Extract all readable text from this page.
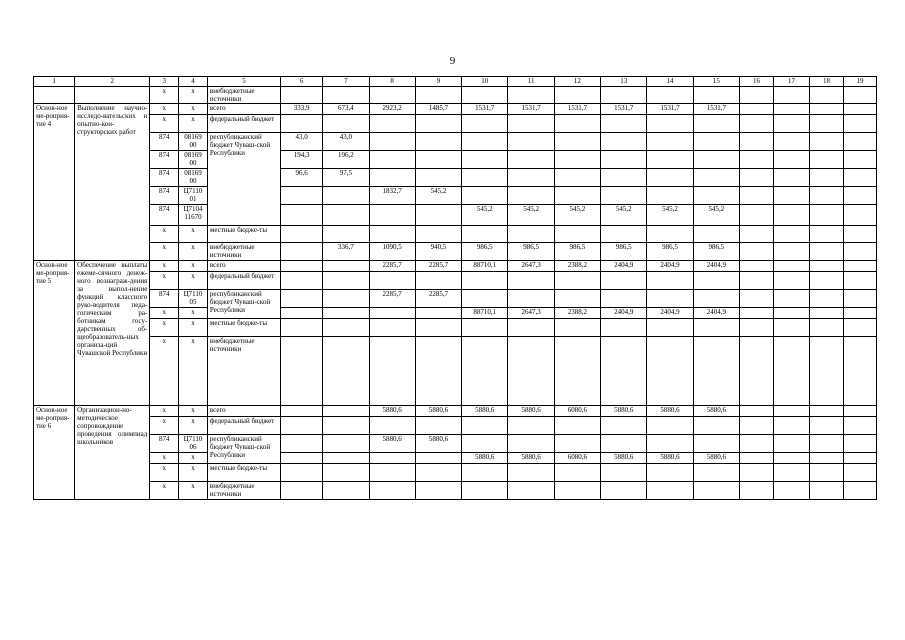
9
1	2	3	4	5	6	7	8	9	10	11	12	13	14	15	16	17	18	19
		x	x	внебюджетные источники														
Основ-ное ме-роприя-тие 4	Выполнение научно-исследо-вательских и опытно-кон-структорских работ	x	x	всего	333,9	673,4	2923,2	1485,7	1531,7	1531,7	1531,7	1531,7	1531,7	1531,7				
		x	x	федеральный бюджет														
		874	08169 00	республиканский бюджет Чуваш-ской Республики	43,0	43,0												
		874	08169 00		194,3	196,2												
		874	08169 00		96,6	97,5												
		874	Ц7110 01				1832,7	545,2										
		874	Ц7104 11670						545,2	545,2	545,2	545,2	545,2	545,2				
		x	x	местные бюдже-ты														
		x	x	внебюджетные источники		336,7	1090,5	940,5	986,5	986,5	986,5	986,5	986,5	986,5				
Основ-ное ме-роприя-тие 5	Обеспечение выплаты ежеме-сячного денеж-ного вознаграж-дения за выпол-нение функций классного руко-водителя педа-гогическим ра-ботникам госу-дарственных об-щеобразователь-ных организа-ций Чувашской Республики	x	x	всего			2285,7	2285,7	88710,1	2647,3	2388,2	2404,9	2404,9	2404,9				
		x	x	федеральный бюджет														
		874	Ц7110 05	республиканский бюджет Чуваш-ской Республики			2285,7	2285,7										
		x	x						88710,1	2647,3	2388,2	2404,9	2404,9	2404,9				
		x	x	местные бюдже-ты														
		x	x	внебюджетные источники														
Основ-ное ме-роприя-тие 6	Организацион-но-методическое сопровождение проведения олимпиад школьников	x	x	всего			5880,6	5880,6	5880,6	5880,6	6080,6	5880,6	5880,6	5880,6				
		x	x	федеральный бюджет														
		874	Ц7110 06	республиканский бюджет Чуваш-ской Республики			5880,6	5880,6										
		x	x						5880,6	5880,6	6080,6	5880,6	5880,6	5880,6				
		x	x	местные бюдже-ты														
		x	x	внебюджетные источники														
